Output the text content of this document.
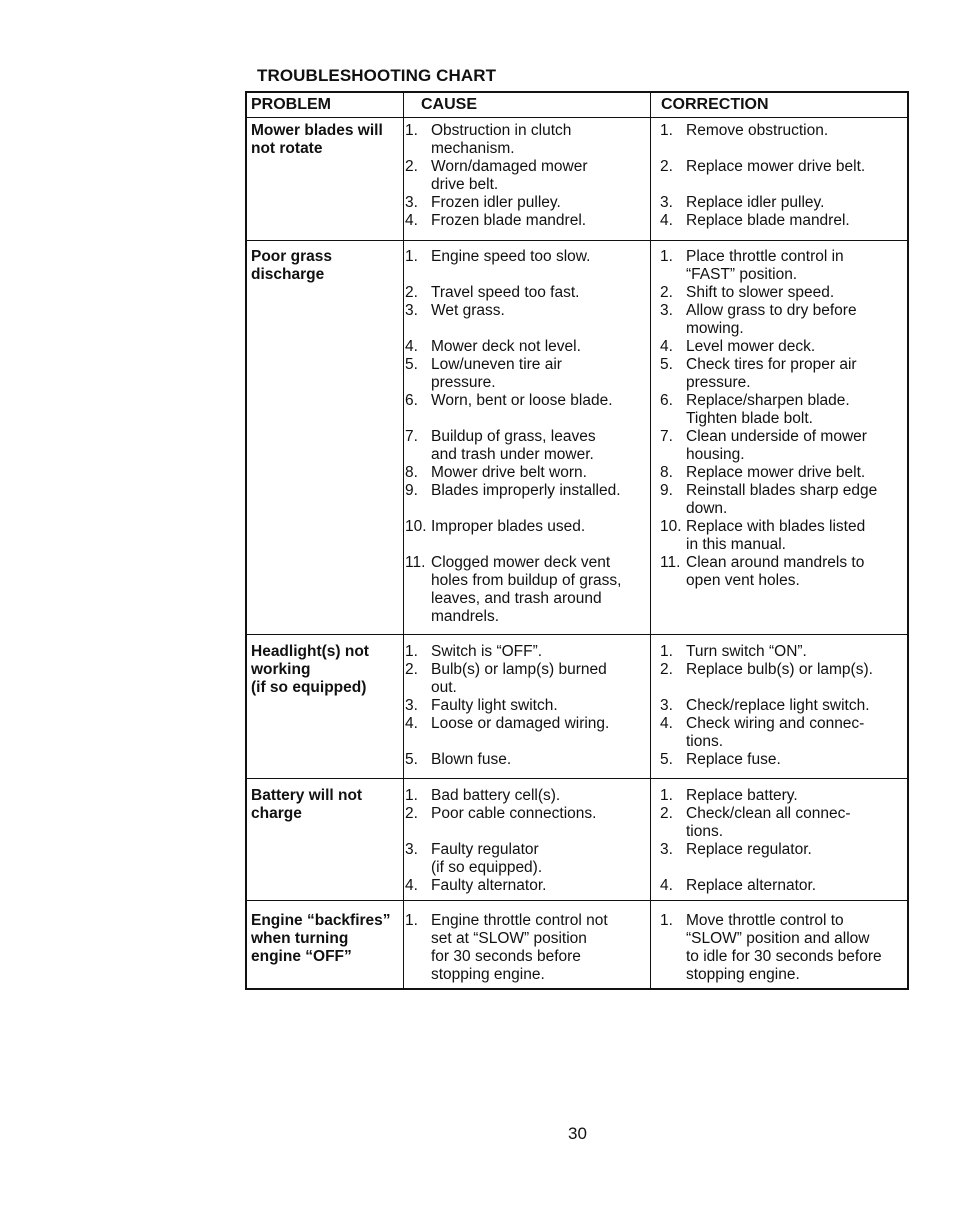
TROUBLESHOOTING CHART
PROBLEM	CAUSE	CORRECTION
Mower blades will
not rotate
1. Obstruction in clutch
mechanism.
2. Worn/damaged mower
drive belt.
3. Frozen idler pulley.
4. Frozen blade mandrel.
1. Remove obstruction.
2. Replace mower drive belt.
3. Replace idler pulley.
4. Replace blade mandrel.
Poor grass
discharge
1. Engine speed too slow.
2. Travel speed too fast.
3. Wet grass.
4. Mower deck not level.
5. Low/uneven tire air
pressure.
6. Worn, bent or loose blade.
7. Buildup of grass, leaves
and trash under mower.
8. Mower drive belt worn.
9. Blades improperly installed.
10. Improper blades used.
11. Clogged mower deck vent
holes from buildup of grass,
leaves, and trash around
mandrels.
1. Place throttle control in
“FAST” position.
2. Shift to slower speed.
3. Allow grass to dry before
mowing.
4. Level mower deck.
5. Check tires for proper air
pressure.
6. Replace/sharpen blade.
Tighten blade bolt.
7. Clean underside of mower
housing.
8. Replace mower drive belt.
9. Reinstall blades sharp edge
down.
10. Replace with blades listed
in this manual.
11. Clean around mandrels to
open vent holes.
Headlight(s) not
working
(if so equipped)
1. Switch is “OFF”.
2. Bulb(s) or lamp(s) burned
out.
3. Faulty light switch.
4. Loose or damaged wiring.
5. Blown fuse.
1. Turn switch “ON”.
2. Replace bulb(s) or lamp(s).
3. Check/replace light switch.
4. Check wiring and connec-
tions.
5. Replace fuse.
Battery will not
charge
1. Bad battery cell(s).
2. Poor cable connections.
3. Faulty regulator
(if so equipped).
4. Faulty alternator.
1. Replace battery.
2. Check/clean all connec-
tions.
3. Replace regulator.
4. Replace alternator.
Engine “backfires”
when turning
engine “OFF”
1. Engine throttle control not
set at “SLOW” position
for 30 seconds before
stopping engine.
1. Move throttle control to
“SLOW” position and allow
to idle for 30 seconds before
stopping engine.
30
